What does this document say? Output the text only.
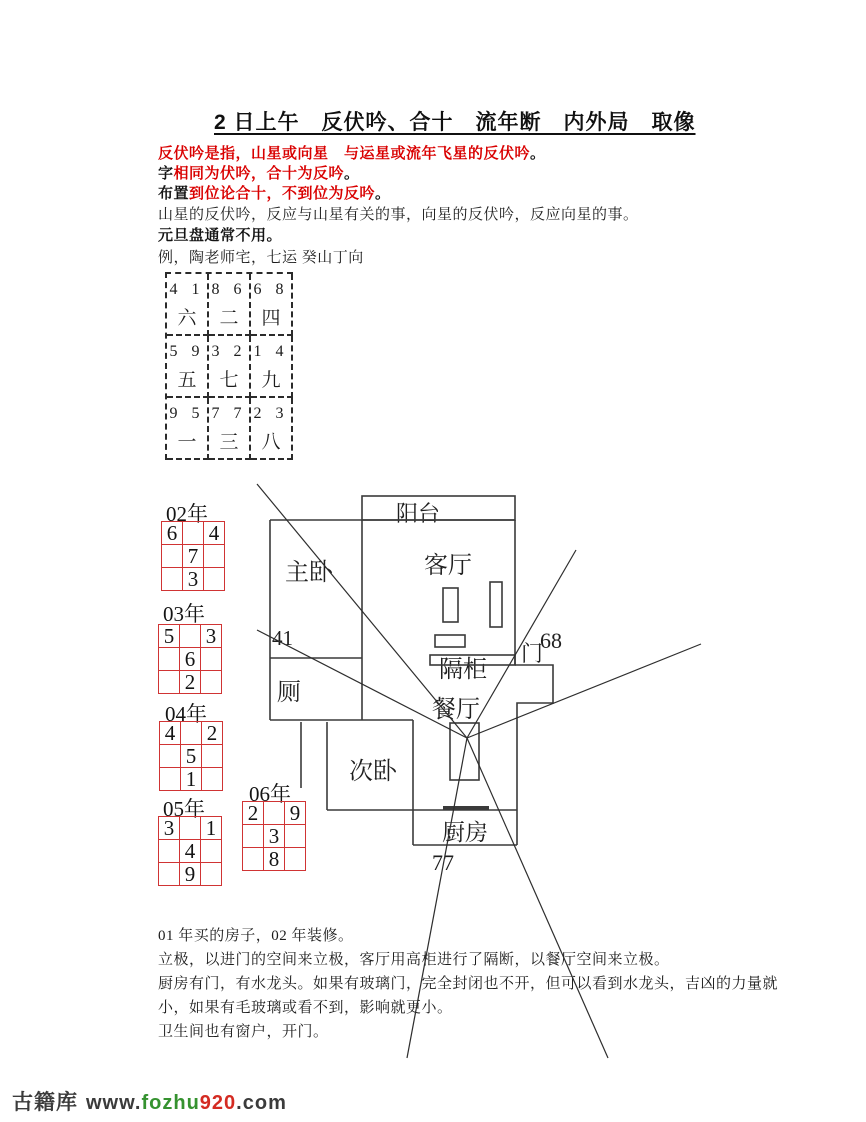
2 日上午　反伏吟、合十　流年断　内外局　取像
反伏吟是指，山星或向星　与运星或流年飞星的反伏吟。
字相同为伏吟，合十为反吟。
布置到位论合十，不到位为反吟。
山星的反伏吟，反应与山星有关的事，向星的反伏吟，反应向星的事。
元旦盘通常不用。
例，陶老师宅，七运 癸山丁向
4 1
六
8 6
二
6 8
四
5 9
五
3 2
七
1 4
九
9 5
一
7 7
三
2 3
八
02年
6 4
7
3
03年
5 3
6
2
04年
4 2
5
1
05年
3 1
4
9
06年
2 9
3
8
阳台
主卧	客厅
41
厕
隔柜
门
68
餐厅
次卧
厨房
77
01 年买的房子，02 年装修。
立极，以进门的空间来立极，客厅用高柜进行了隔断，以餐厅空间来立极。
厨房有门，有水龙头。如果有玻璃门，完全封闭也不开，但可以看到水龙头，吉凶的力量就
小，如果有毛玻璃或看不到，影响就更小。
卫生间也有窗户，开门。
古籍库 www.fozhu920.com
